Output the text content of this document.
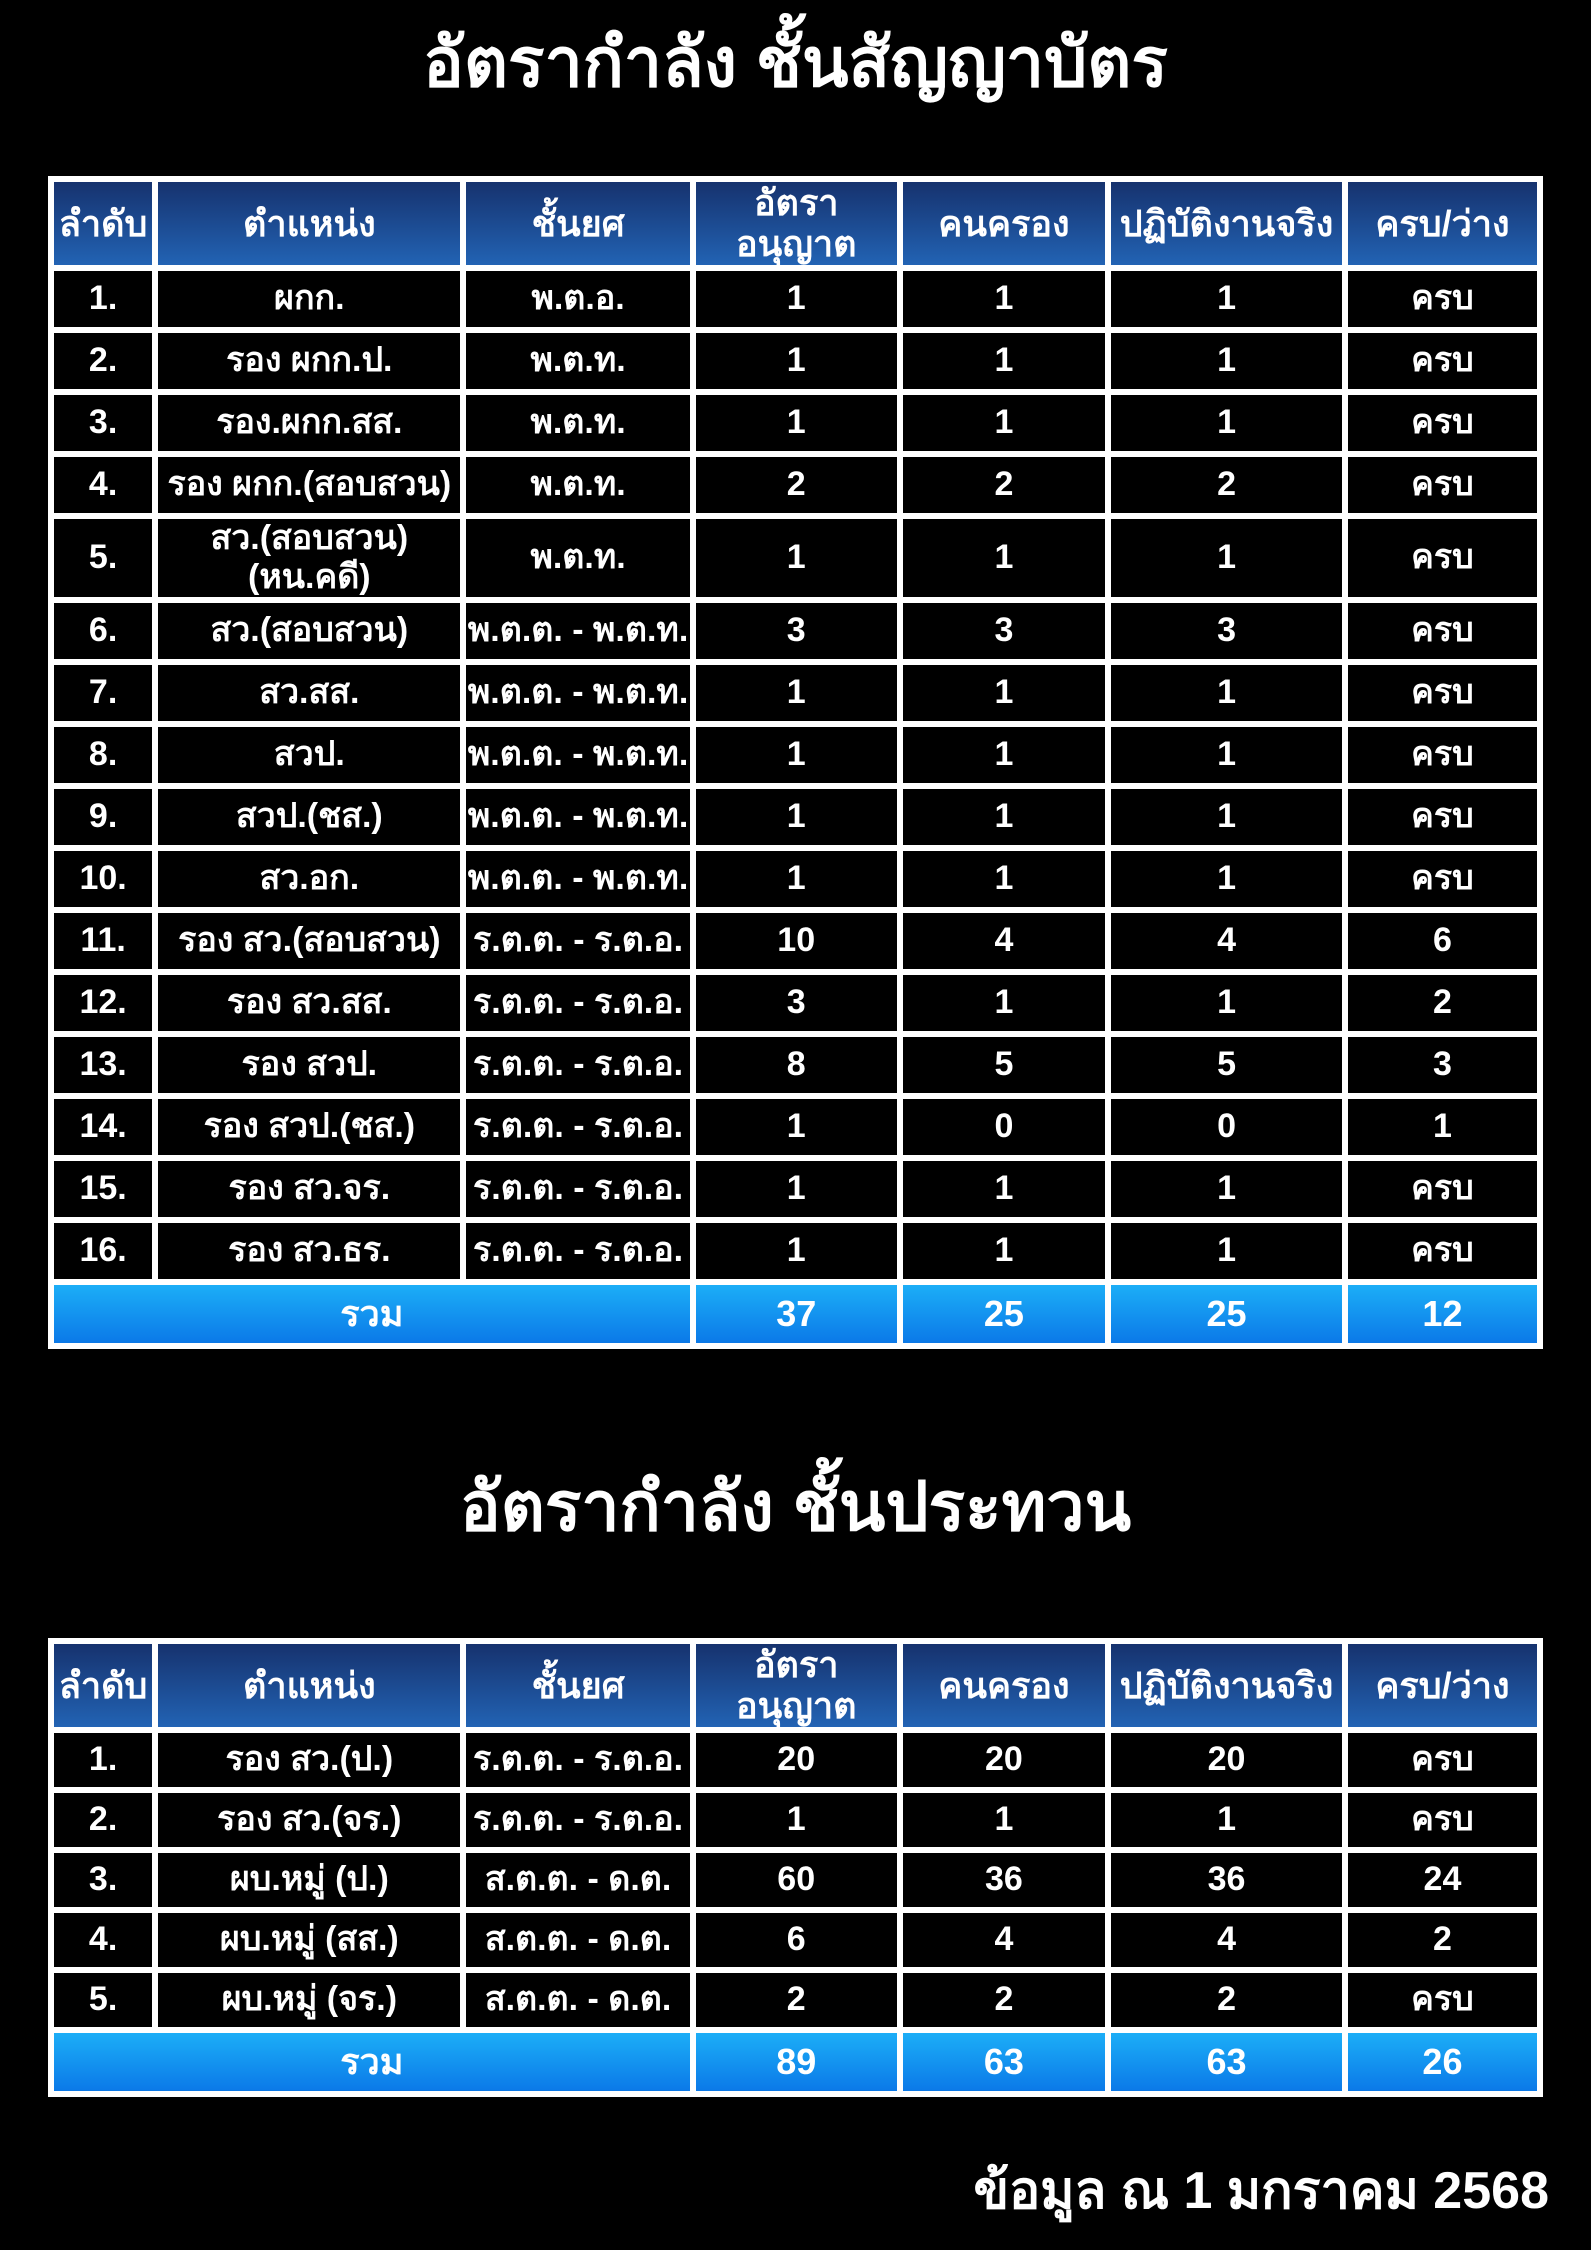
อัตรากำลัง ชั้นสัญญาบัตร
ลำดับ	ตำแหน่ง	ชั้นยศ	อัตราอนุญาต	คนครอง	ปฏิบัติงานจริง	ครบ/ว่าง
1.	ผกก.	พ.ต.อ.	1	1	1	ครบ
2.	รอง ผกก.ป.	พ.ต.ท.	1	1	1	ครบ
3.	รอง.ผกก.สส.	พ.ต.ท.	1	1	1	ครบ
4.	รอง ผกก.(สอบสวน)	พ.ต.ท.	2	2	2	ครบ
5.	สว.(สอบสวน)(หน.คดี)	พ.ต.ท.	1	1	1	ครบ
6.	สว.(สอบสวน)	พ.ต.ต. - พ.ต.ท.	3	3	3	ครบ
7.	สว.สส.	พ.ต.ต. - พ.ต.ท.	1	1	1	ครบ
8.	สวป.	พ.ต.ต. - พ.ต.ท.	1	1	1	ครบ
9.	สวป.(ชส.)	พ.ต.ต. - พ.ต.ท.	1	1	1	ครบ
10.	สว.อก.	พ.ต.ต. - พ.ต.ท.	1	1	1	ครบ
11.	รอง สว.(สอบสวน)	ร.ต.ต. - ร.ต.อ.	10	4	4	6
12.	รอง สว.สส.	ร.ต.ต. - ร.ต.อ.	3	1	1	2
13.	รอง สวป.	ร.ต.ต. - ร.ต.อ.	8	5	5	3
14.	รอง สวป.(ชส.)	ร.ต.ต. - ร.ต.อ.	1	0	0	1
15.	รอง สว.จร.	ร.ต.ต. - ร.ต.อ.	1	1	1	ครบ
16.	รอง สว.ธร.	ร.ต.ต. - ร.ต.อ.	1	1	1	ครบ
รวม			37	25	25	12
อัตรากำลัง ชั้นประทวน
ลำดับ	ตำแหน่ง	ชั้นยศ	อัตราอนุญาต	คนครอง	ปฏิบัติงานจริง	ครบ/ว่าง
1.	รอง สว.(ป.)	ร.ต.ต. - ร.ต.อ.	20	20	20	ครบ
2.	รอง สว.(จร.)	ร.ต.ต. - ร.ต.อ.	1	1	1	ครบ
3.	ผบ.หมู่ (ป.)	ส.ต.ต. - ด.ต.	60	36	36	24
4.	ผบ.หมู่ (สส.)	ส.ต.ต. - ด.ต.	6	4	4	2
5.	ผบ.หมู่ (จร.)	ส.ต.ต. - ด.ต.	2	2	2	ครบ
รวม			89	63	63	26
ข้อมูล ณ 1 มกราคม 2568
